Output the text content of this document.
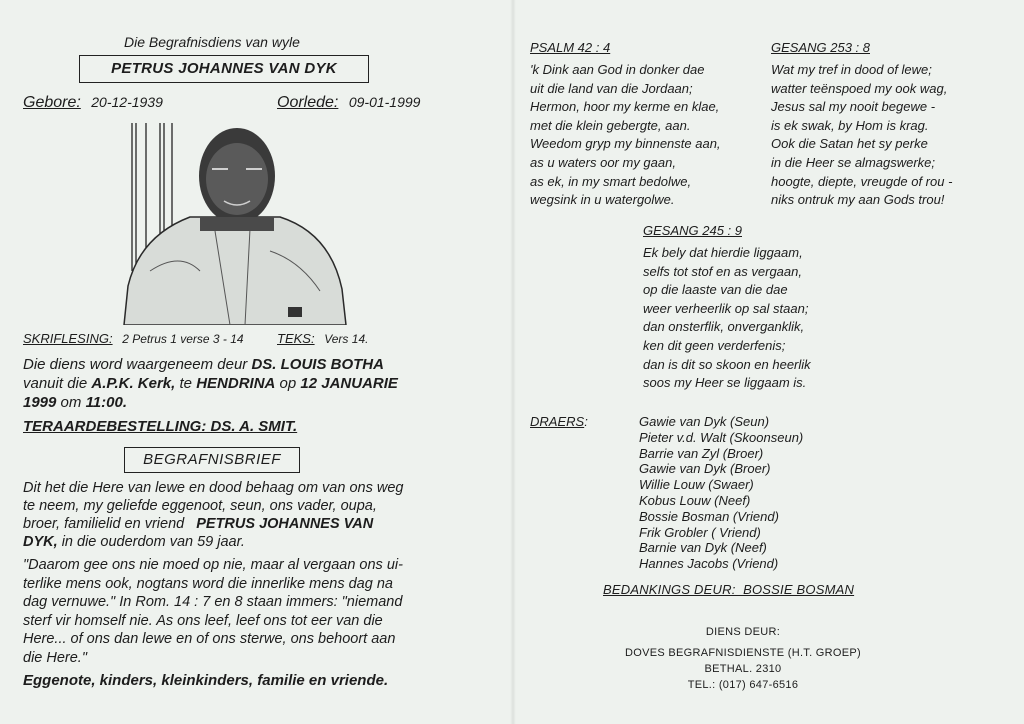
Die Begrafnisdiens van wyle
PETRUS JOHANNES VAN DYK
Gebore: 20-12-1939	Oorlede: 09-01-1999
SKRIFLESING: 2 Petrus 1 verse 3 - 14	TEKS: Vers 14.
Die diens word waargeneem deur DS. LOUIS BOTHA
vanuit die A.P.K. Kerk, te HENDRINA op 12 JANUARIE
1999 om 11:00.
TERAARDEBESTELLING: DS. A. SMIT.
BEGRAFNISBRIEF
Dit het die Here van lewe en dood behaag om van ons weg
te neem, my geliefde eggenoot, seun, ons vader, oupa,
broer, familielid en vriend PETRUS JOHANNES VAN
DYK, in die ouderdom van 59 jaar.
"Daarom gee ons nie moed op nie, maar al vergaan ons ui-
terlike mens ook, nogtans word die innerlike mens dag na
dag vernuwe." In Rom. 14 : 7 en 8 staan immers: "niemand
sterf vir homself nie. As ons leef, leef ons tot eer van die
Here... of ons dan lewe en of ons sterwe, ons behoort aan
die Here."
Eggenote, kinders, kleinkinders, familie en vriende.
PSALM 42 : 4
'k Dink aan God in donker dae
uit die land van die Jordaan;
Hermon, hoor my kerme en klae,
met die klein gebergte, aan.
Weedom gryp my binnenste aan,
as u waters oor my gaan,
as ek, in my smart bedolwe,
wegsink in u watergolwe.
GESANG 253 : 8
Wat my tref in dood of lewe;
watter teënspoed my ook wag,
Jesus sal my nooit begewe -
is ek swak, by Hom is krag.
Ook die Satan het sy perke
in die Heer se almagswerke;
hoogte, diepte, vreugde of rou -
niks ontruk my aan Gods trou!
GESANG 245 : 9
Ek bely dat hierdie liggaam,
selfs tot stof en as vergaan,
op die laaste van die dae
weer verheerlik op sal staan;
dan onsterflik, onverganklik,
ken dit geen verderfenis;
dan is dit so skoon en heerlik
soos my Heer se liggaam is.
DRAERS:	Gawie van Dyk (Seun)
Pieter v.d. Walt (Skoonseun)
Barrie van Zyl (Broer)
Gawie van Dyk (Broer)
Willie Louw (Swaer)
Kobus Louw (Neef)
Bossie Bosman (Vriend)
Frik Grobler ( Vriend)
Barnie van Dyk (Neef)
Hannes Jacobs (Vriend)
BEDANKINGS DEUR:  BOSSIE BOSMAN
DIENS DEUR:
DOVES BEGRAFNISDIENSTE (H.T. GROEP)
BETHAL. 2310
TEL.: (017) 647-6516
